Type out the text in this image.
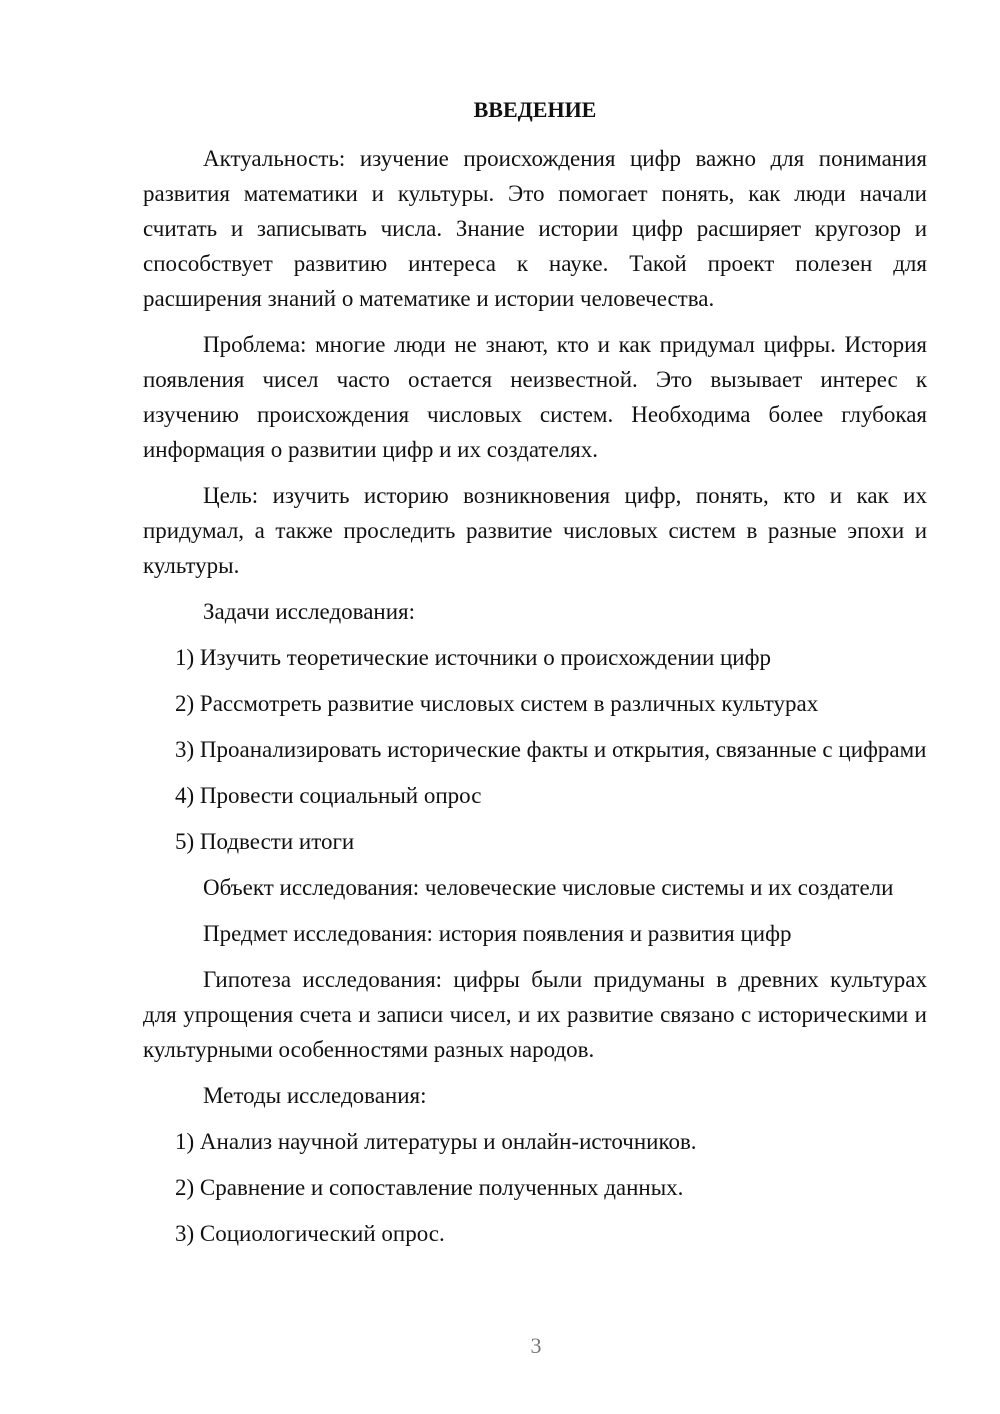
ВВЕДЕНИЕ

Актуальность: изучение происхождения цифр важно для понимания развития математики и культуры. Это помогает понять, как люди начали считать и записывать числа. Знание истории цифр расширяет кругозор и способствует развитию интереса к науке. Такой проект полезен для расширения знаний о математике и истории человечества.

Проблема: многие люди не знают, кто и как придумал цифры. История появления чисел часто остается неизвестной. Это вызывает интерес к изучению происхождения числовых систем. Необходима более глубокая информация о развитии цифр и их создателях.

Цель: изучить историю возникновения цифр, понять, кто и как их придумал, а также проследить развитие числовых систем в разные эпохи и культуры.

Задачи исследования:

1) Изучить теоретические источники о происхождении цифр

2) Рассмотреть развитие числовых систем в различных культурах

3) Проанализировать исторические факты и открытия, связанные с цифрами

4) Провести социальный опрос

5) Подвести итоги

Объект исследования: человеческие числовые системы и их создатели

Предмет исследования: история появления и развития цифр

Гипотеза исследования: цифры были придуманы в древних культурах для упрощения счета и записи чисел, и их развитие связано с историческими и культурными особенностями разных народов.

Методы исследования:

1) Анализ научной литературы и онлайн-источников.

2) Сравнение и сопоставление полученных данных.

3) Социологический опрос.

3
